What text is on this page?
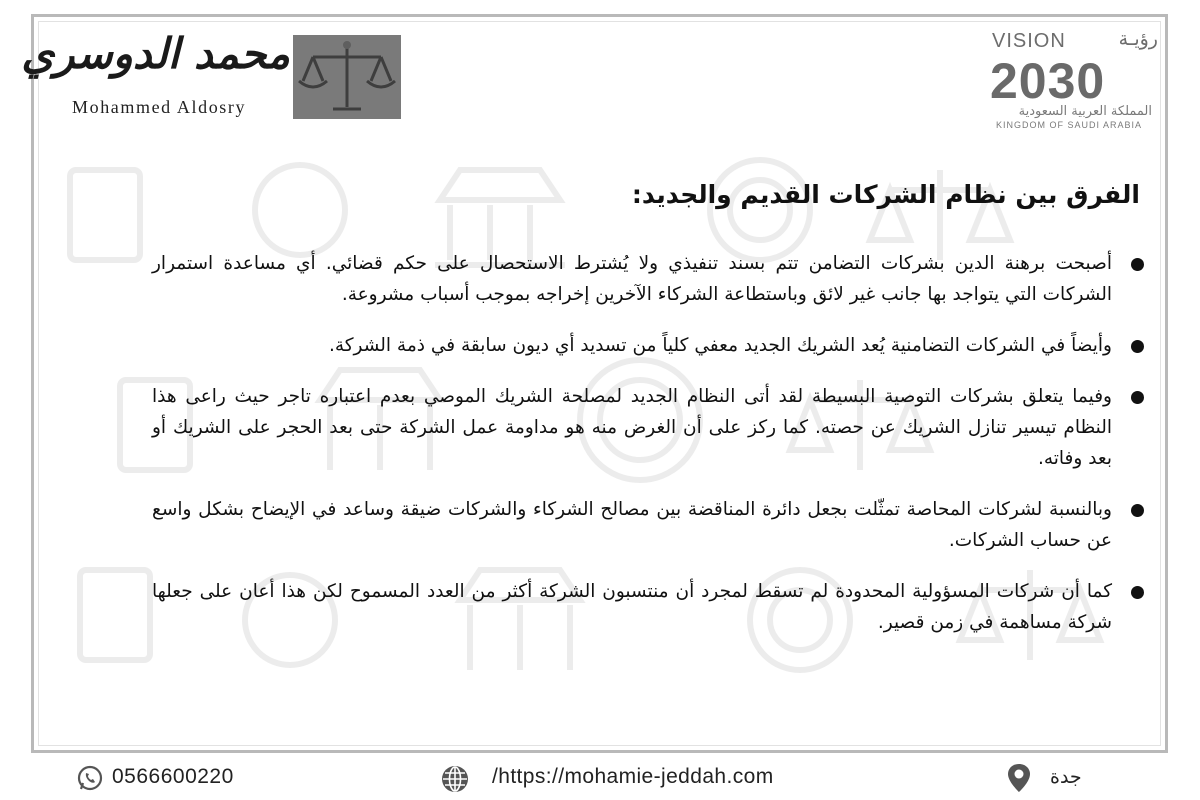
محمد الدوسري
Mohammed Aldosry
VISION	رؤيـة
2030
المملكة العربية السعودية
KINGDOM OF SAUDI ARABIA
الفرق بين نظام الشركات القديم والجديد:
أصبحت برهنة الدين بشركات التضامن تتم بسند تنفيذي ولا يُشترط الاستحصال على حكم قضائي. أي مساعدة استمرار الشركات التي يتواجد بها جانب غير لائق وباستطاعة الشركاء الآخرين إخراجه بموجب أسباب مشروعة.
وأيضاً في الشركات التضامنية يُعد الشريك الجديد معفي كلياً من تسديد أي ديون سابقة في ذمة الشركة.
وفيما يتعلق بشركات التوصية البسيطة لقد أتى النظام الجديد لمصلحة الشريك الموصي بعدم اعتباره تاجر حيث راعى هذا النظام تيسير تنازل الشريك عن حصته. كما ركز على أن الغرض منه هو مداومة عمل الشركة حتى بعد الحجر على الشريك أو بعد وفاته.
وبالنسبة لشركات المحاصة تمثّلت بجعل دائرة المناقضة بين مصالح الشركاء والشركات ضيقة وساعد في الإيضاح بشكل واسع عن حساب الشركات.
كما أن شركات المسؤولية المحدودة لم تسقط لمجرد أن منتسبون الشركة أكثر من العدد المسموح لكن هذا أعان على جعلها شركة مساهمة في زمن قصير.
0566600220	/https://mohamie-jeddah.com	جدة
